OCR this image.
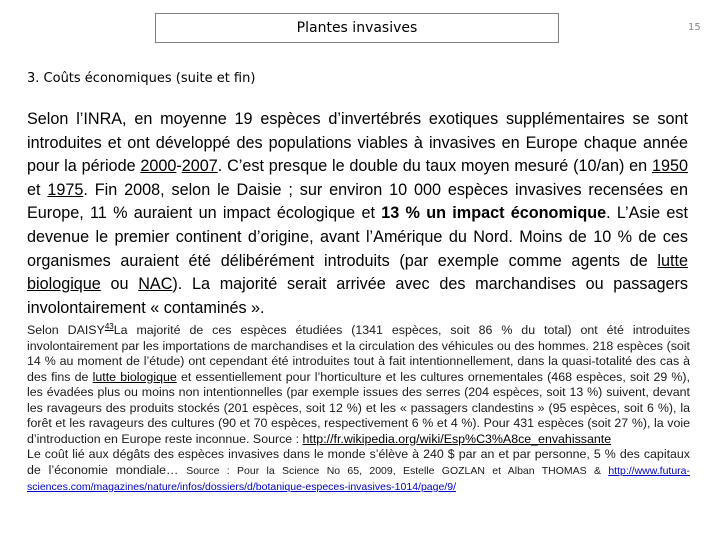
Plantes invasives	15
3. Coûts économiques (suite et fin)

Selon l’INRA, en moyenne 19 espèces d’invertébrés exotiques supplémentaires se sont introduites et ont développé des populations viables à invasives en Europe chaque année pour la période 2000-2007. C’est presque le double du taux moyen mesuré (10/an) en 1950 et 1975. Fin 2008, selon le Daisie ; sur environ 10 000 espèces invasives recensées en Europe, 11 % auraient un impact écologique et 13 % un impact économique. L’Asie est devenue le premier continent d’origine, avant l’Amérique du Nord. Moins de 10 % de ces organismes auraient été délibérément introduits (par exemple comme agents de lutte biologique ou NAC). La majorité serait arrivée avec des marchandises ou passagers involontairement « contaminés ».

Selon DAISY$^{43}$La majorité de ces espèces étudiées (1341 espèces, soit 86 % du total) ont été introduites involontairement par les importations de marchandises et la circulation des véhicules ou des hommes. 218 espèces (soit 14 % au moment de l’étude) ont cependant été introduites tout à fait intentionnellement, dans la quasi-totalité des cas à des fins de lutte biologique et essentiellement pour l’horticulture et les cultures ornementales (468 espèces, soit 29 %), les évadées plus ou moins non intentionnelles (par exemple issues des serres (204 espèces, soit 13 %) suivent, devant les ravageurs des produits stockés (201 espèces, soit 12 %) et les « passagers clandestins » (95 espèces, soit 6 %), la forêt et les ravageurs des cultures (90 et 70 espèces, respectivement 6 % et 4 %). Pour 431 espèces (soit 27 %), la voie d’introduction en Europe reste inconnue. Source : http://fr.wikipedia.org/wiki/Esp%C3%A8ce_envahissante
Le coût lié aux dégâts des espèces invasives dans le monde s’élève à 240 $ par an et par personne, 5 % des capitaux de l’économie mondiale… Source : Pour la Science No 65, 2009, Estelle GOZLAN et Alban THOMAS & http://www.futura-sciences.com/magazines/nature/infos/dossiers/d/botanique-especes-invasives-1014/page/9/
